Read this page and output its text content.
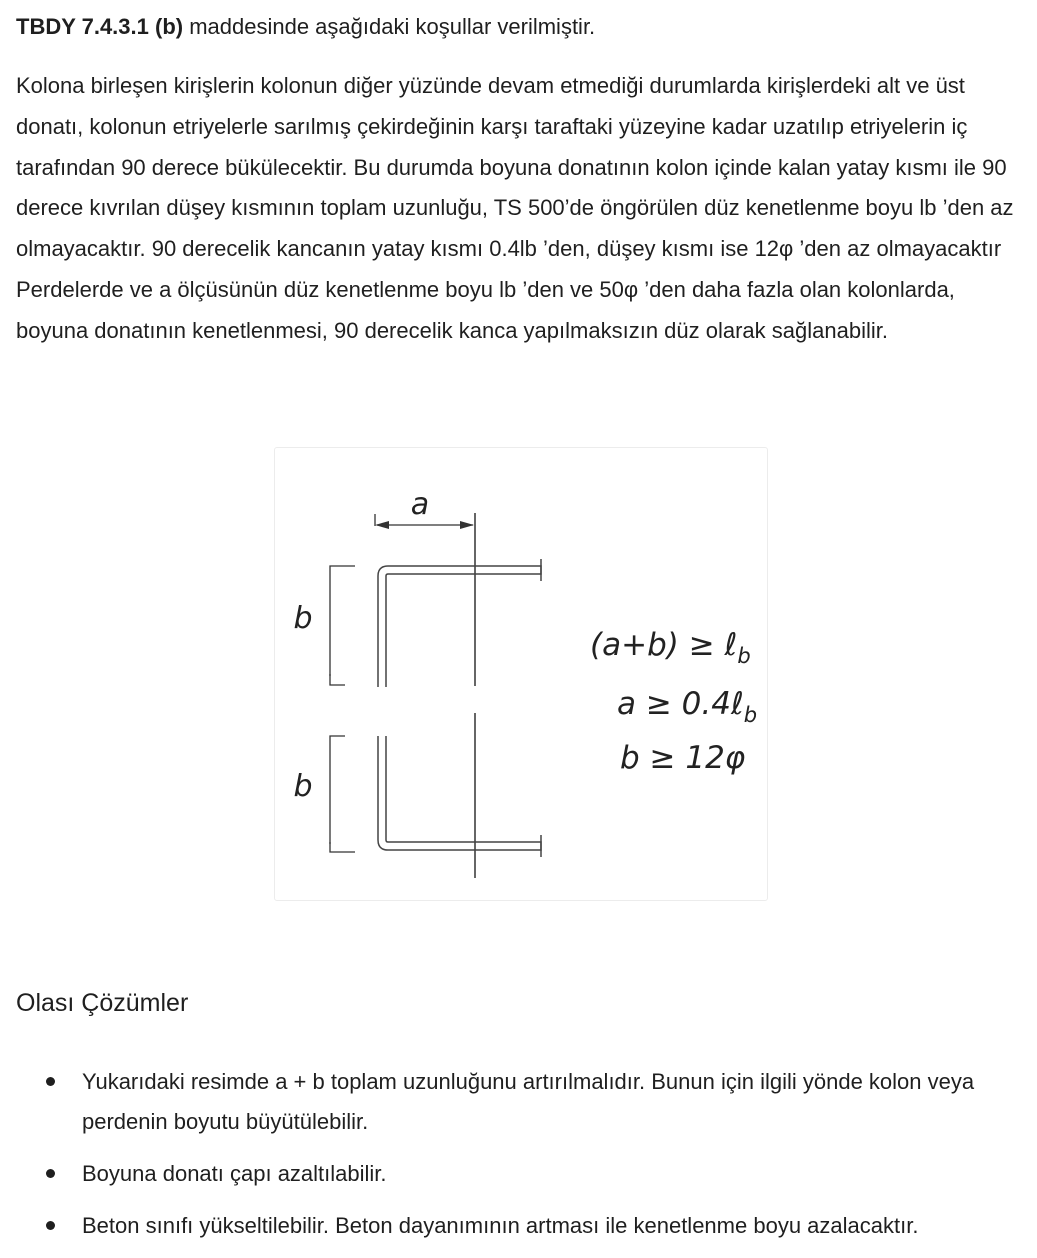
TBDY 7.4.3.1 (b) maddesinde aşağıdaki koşullar verilmiştir.

Kolona birleşen kirişlerin kolonun diğer yüzünde devam etmediği durumlarda kirişlerdeki alt ve üst donatı, kolonun etriyelerle sarılmış çekirdeğinin karşı taraftaki yüzeyine kadar uzatılıp etriyelerin iç tarafından 90 derece bükülecektir. Bu durumda boyuna donatının kolon içinde kalan yatay kısmı ile 90 derece kıvrılan düşey kısmının toplam uzunluğu, TS 500’de öngörülen düz kenetlenme boyu lb ’den az olmayacaktır. 90 derecelik kancanın yatay kısmı 0.4lb ’den, düşey kısmı ise 12φ ’den az olmayacaktır Perdelerde ve a ölçüsünün düz kenetlenme boyu lb ’den ve 50φ ’den daha fazla olan kolonlarda, boyuna donatının kenetlenmesi, 90 derecelik kanca yapılmaksızın düz olarak sağlanabilir.

a
b
b
(a+b) ≥ ℓ$_b$
a ≥ 0.4ℓ$_b$
b ≥ 12φ
Olası Çözümler
Yukarıdaki resimde a + b toplam uzunluğunu artırılmalıdır. Bunun için ilgili yönde kolon veya perdenin boyutu büyütülebilir.
Boyuna donatı çapı azaltılabilir.
Beton sınıfı yükseltilebilir. Beton dayanımının artması ile kenetlenme boyu azalacaktır.
